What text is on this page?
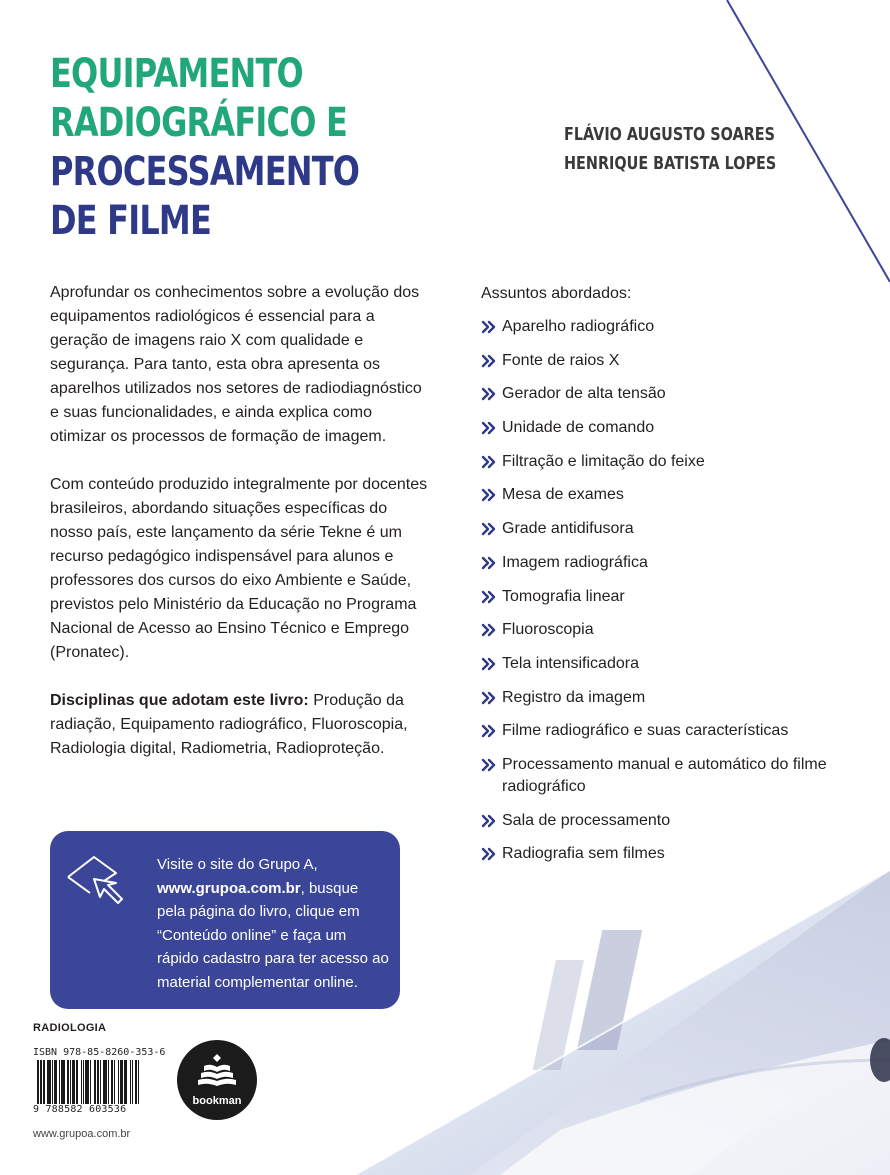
EQUIPAMENTO
RADIOGRÁFICO E
PROCESSAMENTO
DE FILME
FLÁVIO AUGUSTO SOARES
HENRIQUE BATISTA LOPES

Aprofundar os conhecimentos sobre a evolução dos equipamentos radiológicos é essencial para a geração de imagens raio X com qualidade e segurança. Para tanto, esta obra apresenta os aparelhos utilizados nos setores de radiodiagnóstico e suas funcionalidades, e ainda explica como otimizar os processos de formação de imagem.

Com conteúdo produzido integralmente por docentes brasileiros, abordando situações específicas do nosso país, este lançamento da série Tekne é um recurso pedagógico indispensável para alunos e professores dos cursos do eixo Ambiente e Saúde, previstos pelo Ministério da Educação no Programa Nacional de Acesso ao Ensino Técnico e Emprego (Pronatec).

Disciplinas que adotam este livro: Produção da radiação, Equipamento radiográfico, Fluoroscopia, Radiologia digital, Radiometria, Radioproteção.

Assuntos abordados:
Aparelho radiográfico
Fonte de raios X
Gerador de alta tensão
Unidade de comando
Filtração e limitação do feixe
Mesa de exames
Grade antidifusora
Imagem radiográfica
Tomografia linear
Fluoroscopia
Tela intensificadora
Registro da imagem
Filme radiográfico e suas características
Processamento manual e automático do filme radiográfico
Sala de processamento
Radiografia sem filmes
Visite o site do Grupo A, www.grupoa.com.br, busque pela página do livro, clique em “Conteúdo online” e faça um rápido cadastro para ter acesso ao material complementar online.
RADIOLOGIA
ISBN 978-85-8260-353-6
9 788582 603536
www.grupoa.com.br
bookman
